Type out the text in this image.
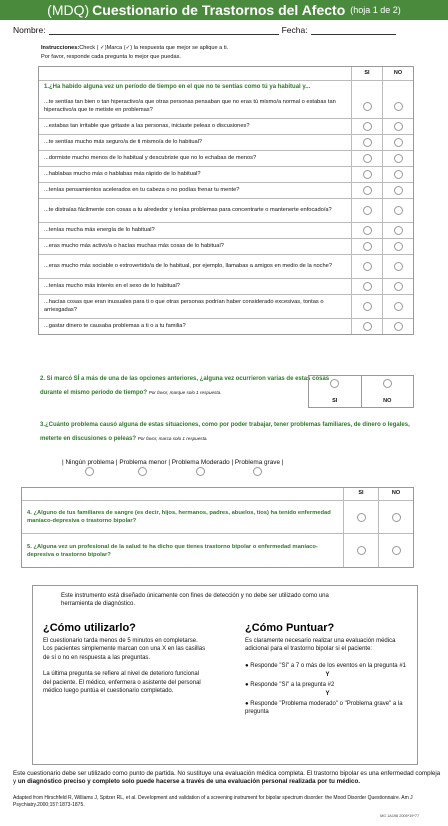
(MDQ) Cuestionario de Trastornos del Afecto (hoja 1 de 2)
Nombre:	Fecha:
Instrucciones:Check ( ✓)Marca (✓) la respuesta que mejor se aplique a ti.
Por favor, responde cada pregunta lo mejor que puedas.
SI	NO
1.¿Ha habido alguna vez un período de tiempo en el que no te sentías como tú ya habitual y...
...te sentías tan bien o tan hiperactivo/a que otras personas pensaban que no eras tú mismo/a normal o estabas tan hiperactivo/a que te metiste en problemas?
...estabas tan irritable que gritaste a las personas, iniciaste peleas o discusiones?
...te sentías mucho más seguro/a de ti mismo/a de lo habitual?
...dormiste mucho menos de lo habitual y descubriste que no lo echabas de menos?
...hablabas mucho más o hablabas más rápido de lo habitual?
...tenías pensamientos acelerados en tu cabeza o no podías frenar tu mente?
...te distraías fácilmente con cosas a tu alrededor y tenías problemas para concentrarte o mantenerte enfocado/a?
...tenías mucha más energía de lo habitual?
...eras mucho más activo/a o hacías muchas más cosas de lo habitual?
...eras mucho más sociable o extrovertido/a de lo habitual, por ejemplo, llamabas a amigos en medio de la noche?
...tenías mucho más interés en el sexo de lo habitual?
...hacías cosas que eran inusuales para ti o que otras personas podrían haber considerado excesivas, tontas o arriesgadas?
...gastar dinero te causaba problemas a ti o a tu familia?
2. Si marcó SÍ a más de una de las opciones anteriores, ¿alguna vez ocurrieron varias de estas cosas durante el mismo período de tiempo? Por favor, marque solo 1 respuesta.
SI	NO
3.¿Cuánto problema causó alguna de estas situaciones, como por poder trabajar, tener problemas familiares, de dinero o legales, meterte en discusiones o peleas? Por favor, marca solo 1 respuesta.
| Ningún problema | Problema menor | Problema Moderado | Problema grave |
SI	NO
4. ¿Alguno de tus familiares de sangre (es decir, hijos, hermanos, padres, abuelos, tíos) ha tenido enfermedad maníaco-depresiva o trastorno bipolar?
5. ¿Alguna vez un profesional de la salud te ha dicho que tienes trastorno bipolar o enfermedad maníaco-depresiva o trastorno bipolar?
Este instrumento está diseñado únicamente con fines de detección y no debe ser utilizado como una herramienta de diagnóstico.
¿Cómo utilizarlo?

El cuestionario tarda menos de 5 minutos en completarse. Los pacientes simplemente marcan con una X en las casillas de sí o no en respuesta a las preguntas.

La última pregunta se refiere al nivel de deterioro funcional del paciente. El médico, enfermera o asistente del personal médico luego puntúa el cuestionario completado.

¿Cómo Puntuar?

Es claramente necesario realizar una evaluación médica adicional para el trastorno bipolar si el paciente:

● Responde "Sí" a 7 o más de los eventos en la pregunta #1
Y
● Responde "Sí" a la pregunta #2
Y
● Responde "Problema moderado" o "Problema grave" a la pregunta
Este cuestionario debe ser utilizado como punto de partida. No sustituye una evaluación médica completa. El trastorno bipolar es una enfermedad compleja y un diagnóstico preciso y completo solo puede hacerse a través de una evaluación personal realizada por tu médico.
Adapted from Hirschfeld R, Williams J, Spitzer RL, et al. Development and validation of a screening instrument for bipolar spectrum disorder: the Mood Disorder Questionnaire. Am J Psychiatry.2000;157:1873-1875.
MG 1A198 2005*19*77
